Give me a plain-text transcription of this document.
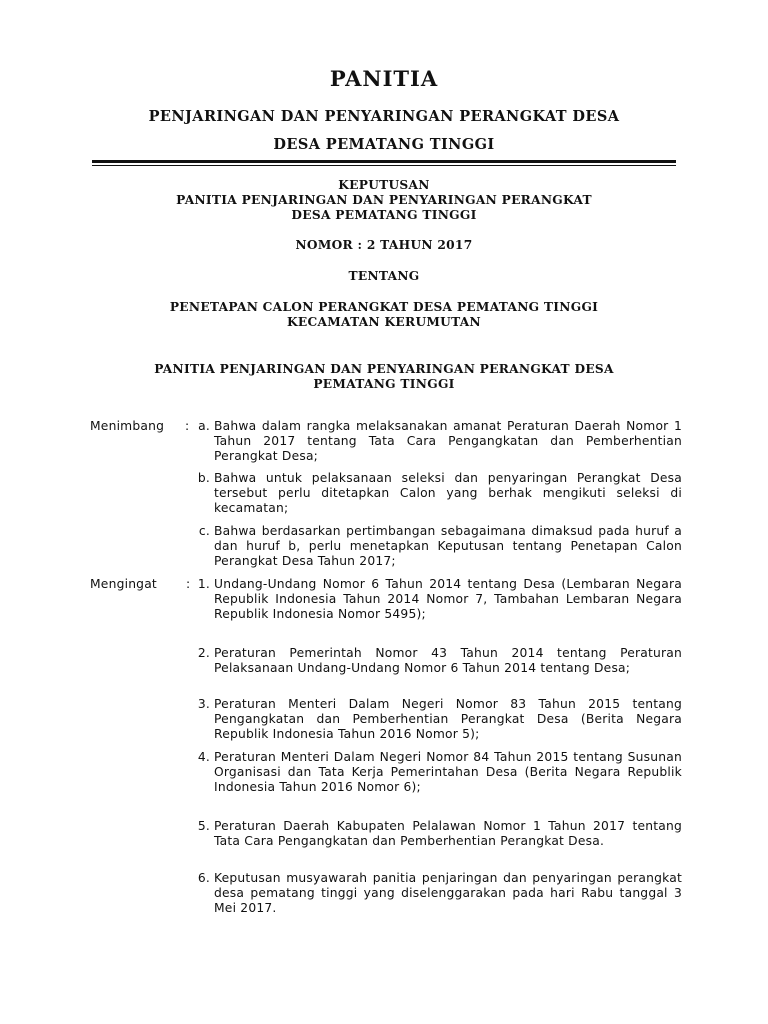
PANITIA
PENJARINGAN DAN PENYARINGAN PERANGKAT DESA
DESA PEMATANG TINGGI
KEPUTUSAN
PANITIA PENJARINGAN DAN PENYARINGAN PERANGKAT
DESA PEMATANG TINGGI
NOMOR : 2 TAHUN 2017
TENTANG
PENETAPAN CALON PERANGKAT DESA PEMATANG TINGGI
KECAMATAN KERUMUTAN
PANITIA PENJARINGAN DAN PENYARINGAN PERANGKAT DESA
PEMATANG TINGGI
Menimbang : a. Bahwa dalam rangka melaksanakan amanat Peraturan Daerah Nomor 1 Tahun 2017 tentang Tata Cara Pengangkatan dan Pemberhentian Perangkat Desa;
b. Bahwa untuk pelaksanaan seleksi dan penyaringan Perangkat Desa tersebut perlu ditetapkan Calon yang berhak mengikuti seleksi di kecamatan;
c. Bahwa berdasarkan pertimbangan sebagaimana dimaksud pada huruf a dan huruf b, perlu menetapkan Keputusan tentang Penetapan Calon Perangkat Desa Tahun 2017;
Mengingat : 1. Undang-Undang Nomor 6 Tahun 2014 tentang Desa (Lembaran Negara Republik Indonesia Tahun 2014 Nomor 7, Tambahan Lembaran Negara Republik Indonesia Nomor 5495);
2. Peraturan Pemerintah Nomor 43 Tahun 2014 tentang Peraturan Pelaksanaan Undang-Undang Nomor 6 Tahun 2014 tentang Desa;
3. Peraturan Menteri Dalam Negeri Nomor 83 Tahun 2015 tentang Pengangkatan dan Pemberhentian Perangkat Desa (Berita Negara Republik Indonesia Tahun 2016 Nomor 5);
4. Peraturan Menteri Dalam Negeri Nomor 84 Tahun 2015 tentang Susunan Organisasi dan Tata Kerja Pemerintahan Desa (Berita Negara Republik Indonesia Tahun 2016 Nomor 6);
5. Peraturan Daerah Kabupaten Pelalawan Nomor 1 Tahun 2017 tentang Tata Cara Pengangkatan dan Pemberhentian Perangkat Desa.
6. Keputusan musyawarah panitia penjaringan dan penyaringan perangkat desa pematang tinggi yang diselenggarakan pada hari Rabu tanggal 3 Mei 2017.
